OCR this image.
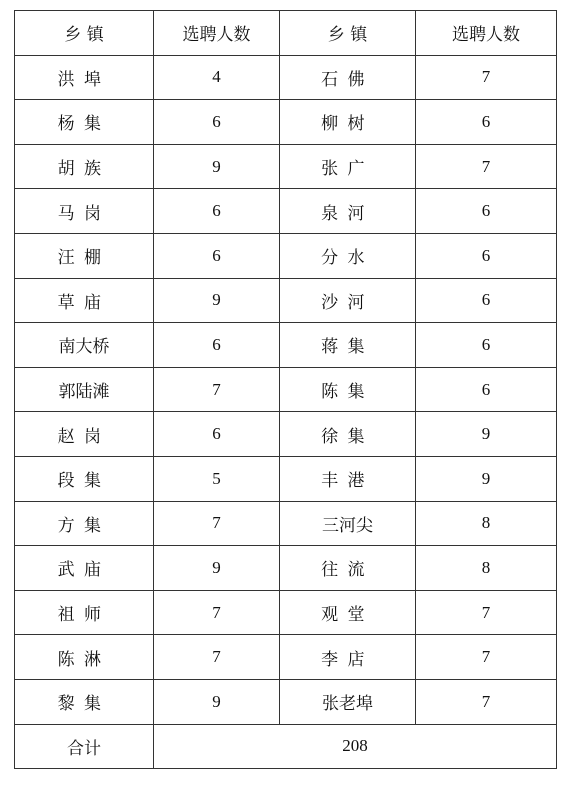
乡 镇	选聘人数	乡 镇	选聘人数
洪埠	4	石佛	7
杨集	6	柳树	6
胡族	9	张广	7
马岗	6	泉河	6
汪棚	6	分水	6
草庙	9	沙河	6
南大桥	6	蒋集	6
郭陆滩	7	陈集	6
赵岗	6	徐集	9
段集	5	丰港	9
方集	7	三河尖	8
武庙	9	往流	8
祖师	7	观堂	7
陈淋	7	李店	7
黎集	9	张老埠	7
合计	208		
